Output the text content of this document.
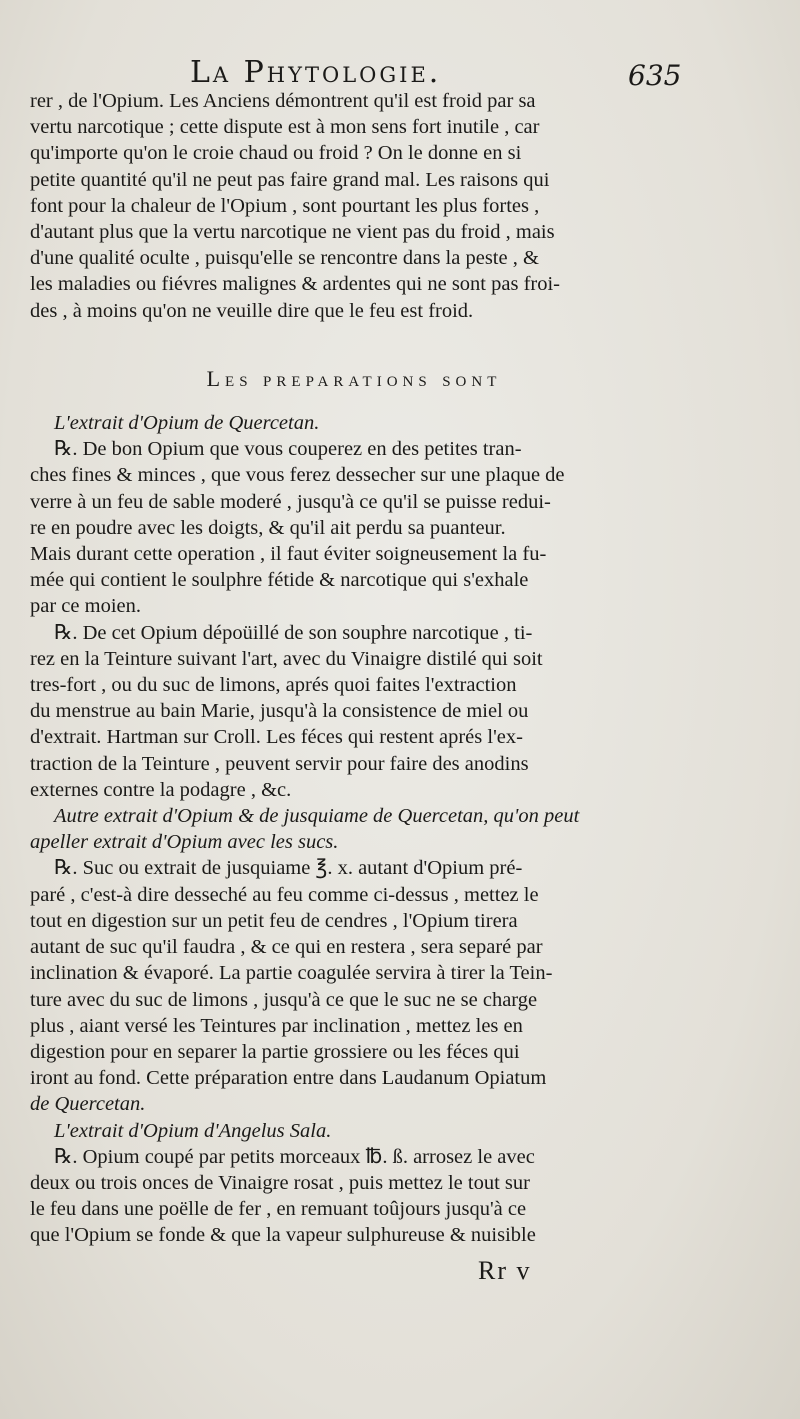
La Phytologie.	635
rer , de l'Opium. Les Anciens démontrent qu'il est froid par sa
vertu narcotique ; cette dispute est à mon sens fort inutile , car
qu'importe qu'on le croie chaud ou froid ? On le donne en si
petite quantité qu'il ne peut pas faire grand mal. Les raisons qui
font pour la chaleur de l'Opium , sont pourtant les plus fortes ,
d'autant plus que la vertu narcotique ne vient pas du froid , mais
d'une qualité oculte , puisqu'elle se rencontre dans la peste , &
les maladies ou fiévres malignes & ardentes qui ne sont pas froi-
des , à moins qu'on ne veuille dire que le feu est froid.
Les preparations sont
L'extrait d'Opium de Quercetan.
℞. De bon Opium que vous couperez en des petites tran-
ches fines & minces , que vous ferez dessecher sur une plaque de
verre à un feu de sable moderé , jusqu'à ce qu'il se puisse redui-
re en poudre avec les doigts, & qu'il ait perdu sa puanteur.
Mais durant cette operation , il faut éviter soigneusement la fu-
mée qui contient le soulphre fétide & narcotique qui s'exhale
par ce moien.
℞. De cet Opium dépoüillé de son souphre narcotique , ti-
rez en la Teinture suivant l'art, avec du Vinaigre distilé qui soit
tres-fort , ou du suc de limons, aprés quoi faites l'extraction
du menstrue au bain Marie, jusqu'à la consistence de miel ou
d'extrait. Hartman sur Croll. Les féces qui restent aprés l'ex-
traction de la Teinture , peuvent servir pour faire des anodins
externes contre la podagre , &c.
Autre extrait d'Opium & de jusquiame de Quercetan, qu'on peut
apeller extrait d'Opium avec les sucs.
℞. Suc ou extrait de jusquiame ℥. x. autant d'Opium pré-
paré , c'est-à dire desseché au feu comme ci-dessus , mettez le
tout en digestion sur un petit feu de cendres , l'Opium tirera
autant de suc qu'il faudra , & ce qui en restera , sera separé par
inclination & évaporé. La partie coagulée servira à tirer la Tein-
ture avec du suc de limons , jusqu'à ce que le suc ne se charge
plus , aiant versé les Teintures par inclination , mettez les en
digestion pour en separer la partie grossiere ou les féces qui
iront au fond. Cette préparation entre dans Laudanum Opiatum
de Quercetan.
L'extrait d'Opium d'Angelus Sala.
℞. Opium coupé par petits morceaux ℔. ß. arrosez le avec
deux ou trois onces de Vinaigre rosat , puis mettez le tout sur
le feu dans une poëlle de fer , en remuant toûjours jusqu'à ce
que l'Opium se fonde & que la vapeur sulphureuse & nuisible
Rr v
